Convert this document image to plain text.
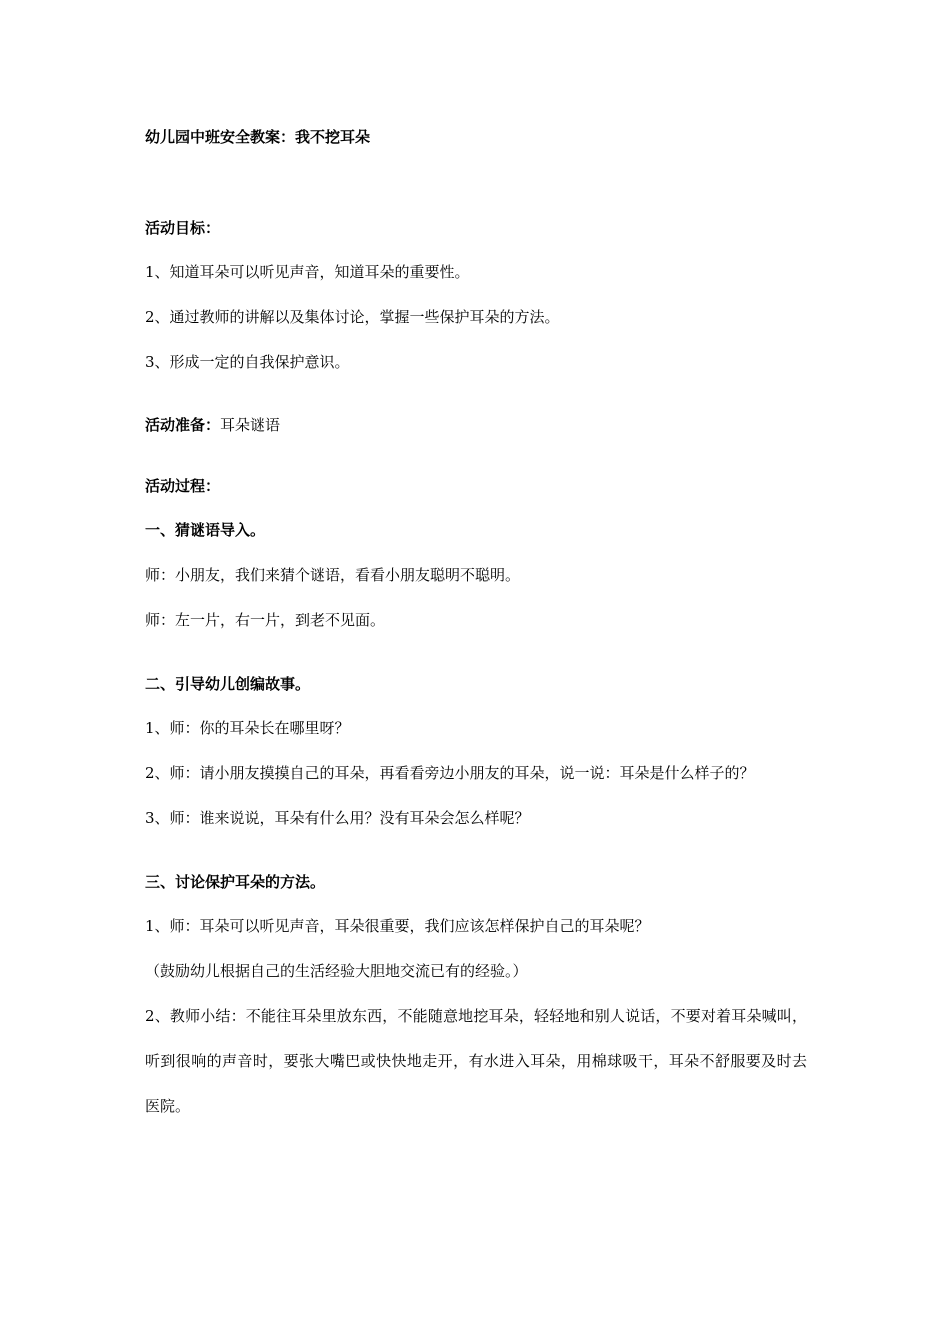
幼儿园中班安全教案：我不挖耳朵

活动目标：

1、知道耳朵可以听见声音，知道耳朵的重要性。

2、通过教师的讲解以及集体讨论，掌握一些保护耳朵的方法。

3、形成一定的自我保护意识。

活动准备：耳朵谜语

活动过程：

一、猜谜语导入。

师：小朋友，我们来猜个谜语，看看小朋友聪明不聪明。

师：左一片，右一片，到老不见面。

二、引导幼儿创编故事。

1、师：你的耳朵长在哪里呀？

2、师：请小朋友摸摸自己的耳朵，再看看旁边小朋友的耳朵，说一说：耳朵是什么样子的？

3、师：谁来说说，耳朵有什么用？没有耳朵会怎么样呢？

三、讨论保护耳朵的方法。

1、师：耳朵可以听见声音，耳朵很重要，我们应该怎样保护自己的耳朵呢？

（鼓励幼儿根据自己的生活经验大胆地交流已有的经验。）

2、教师小结：不能往耳朵里放东西，不能随意地挖耳朵，轻轻地和别人说话，不要对着耳朵喊叫，

听到很响的声音时，要张大嘴巴或快快地走开，有水进入耳朵，用棉球吸干，耳朵不舒服要及时去

医院。
